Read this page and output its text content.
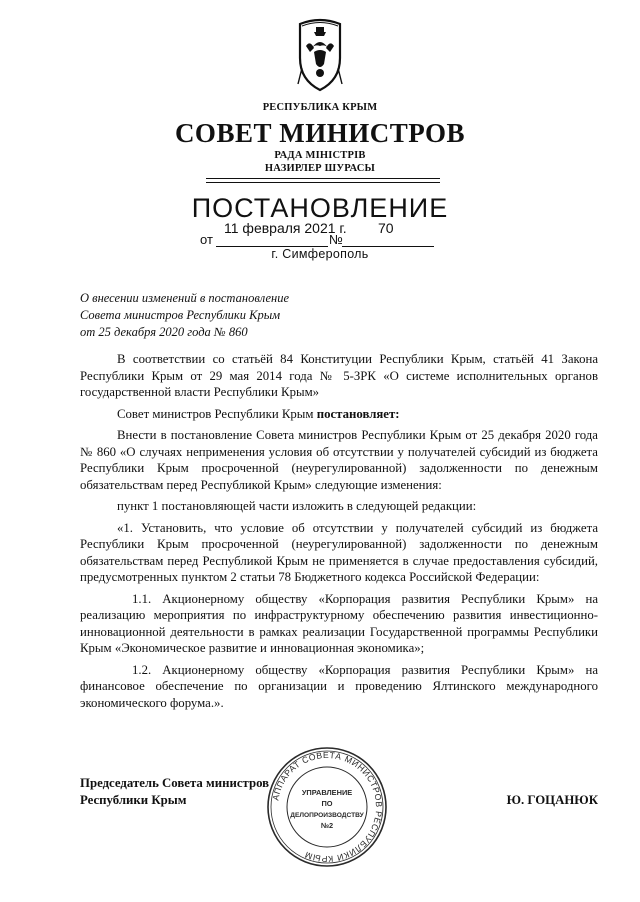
РЕСПУБЛИКА КРЫМ
СОВЕТ МИНИСТРОВ
РАДА МІНІСТРІВ
НАЗИРЛЕР ШУРАСЫ
ПОСТАНОВЛЕНИЕ
от
11 февраля 2021 г.
№
70
г. Симферополь
О внесении изменений в постановление
Совета министров Республики Крым
от 25 декабря 2020 года № 860

В соответствии со статьёй 84 Конституции Республики Крым, статьёй 41 Закона Республики Крым от 29 мая 2014 года № 5-ЗРК «О системе исполнительных органов государственной власти Республики Крым»

Совет министров Республики Крым постановляет:

Внести в постановление Совета министров Республики Крым от 25 декабря 2020 года № 860 «О случаях неприменения условия об отсутствии у получателей субсидий из бюджета Республики Крым просроченной (неурегулированной) задолженности по денежным обязательствам перед Республикой Крым» следующие изменения:

пункт 1 постановляющей части изложить в следующей редакции:

«1. Установить, что условие об отсутствии у получателей субсидий из бюджета Республики Крым просроченной (неурегулированной) задолженности по денежным обязательствам перед Республикой Крым не применяется в случае предоставления субсидий, предусмотренных пунктом 2 статьи 78 Бюджетного кодекса Российской Федерации:

1.1. Акционерному обществу «Корпорация развития Республики Крым» на реализацию мероприятия по инфраструктурному обеспечению развития инвестиционно-инновационной деятельности в рамках реализации Государственной программы Республики Крым «Экономическое развитие и инновационная экономика»;

1.2. Акционерному обществу «Корпорация развития Республики Крым» на финансовое обеспечение по организации и проведению Ялтинского международного экономического форума.».

Председатель Совета министров
Республики Крым	Ю. ГОЦАНЮК
АППАРАТ СОВЕТА МИНИСТРОВ РЕСПУБЛИКИ КРЫМ
УПРАВЛЕНИЕ
ПО
ДЕЛОПРОИЗВОДСТВУ
№2
